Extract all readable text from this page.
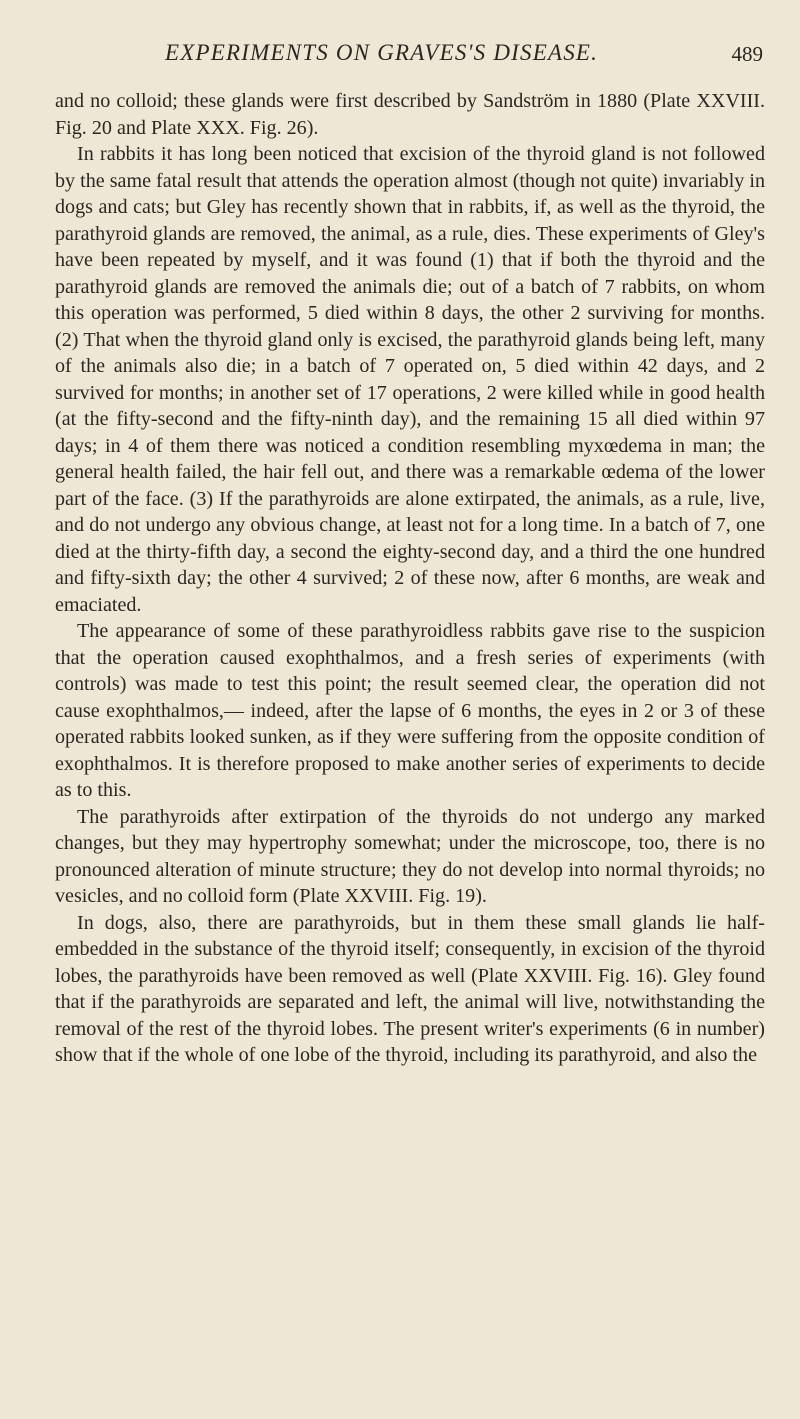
EXPERIMENTS ON GRAVES'S DISEASE.	489

and no colloid; these glands were first described by Sandström in 1880 (Plate XXVIII. Fig. 20 and Plate XXX. Fig. 26).

In rabbits it has long been noticed that excision of the thyroid gland is not followed by the same fatal result that attends the operation almost (though not quite) invariably in dogs and cats; but Gley has recently shown that in rabbits, if, as well as the thyroid, the parathyroid glands are removed, the animal, as a rule, dies. These experiments of Gley's have been repeated by myself, and it was found (1) that if both the thyroid and the parathyroid glands are removed the animals die; out of a batch of 7 rabbits, on whom this operation was performed, 5 died within 8 days, the other 2 surviving for months. (2) That when the thyroid gland only is excised, the parathyroid glands being left, many of the animals also die; in a batch of 7 operated on, 5 died within 42 days, and 2 survived for months; in another set of 17 operations, 2 were killed while in good health (at the fifty-second and the fifty-ninth day), and the remaining 15 all died within 97 days; in 4 of them there was noticed a condition resembling myxœdema in man; the general health failed, the hair fell out, and there was a remarkable œdema of the lower part of the face. (3) If the parathyroids are alone extirpated, the animals, as a rule, live, and do not undergo any obvious change, at least not for a long time. In a batch of 7, one died at the thirty-fifth day, a second the eighty-second day, and a third the one hundred and fifty-sixth day; the other 4 survived; 2 of these now, after 6 months, are weak and emaciated.

The appearance of some of these parathyroidless rabbits gave rise to the suspicion that the operation caused exophthalmos, and a fresh series of experiments (with controls) was made to test this point; the result seemed clear, the operation did not cause exophthalmos,— indeed, after the lapse of 6 months, the eyes in 2 or 3 of these operated rabbits looked sunken, as if they were suffering from the opposite condition of exophthalmos. It is therefore proposed to make another series of experiments to decide as to this.

The parathyroids after extirpation of the thyroids do not undergo any marked changes, but they may hypertrophy somewhat; under the microscope, too, there is no pronounced alteration of minute structure; they do not develop into normal thyroids; no vesicles, and no colloid form (Plate XXVIII. Fig. 19).

In dogs, also, there are parathyroids, but in them these small glands lie half-embedded in the substance of the thyroid itself; consequently, in excision of the thyroid lobes, the parathyroids have been removed as well (Plate XXVIII. Fig. 16). Gley found that if the parathyroids are separated and left, the animal will live, notwithstanding the removal of the rest of the thyroid lobes. The present writer's experiments (6 in number) show that if the whole of one lobe of the thyroid, including its parathyroid, and also the
